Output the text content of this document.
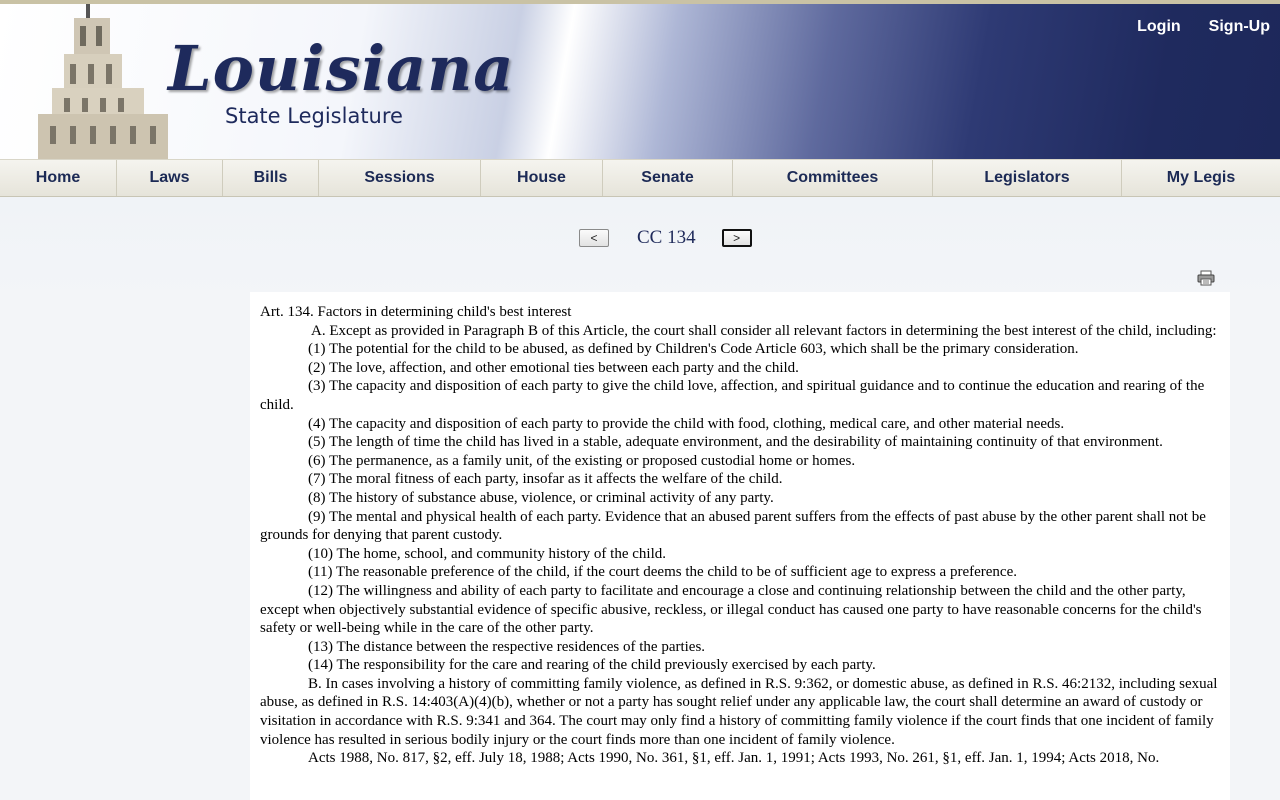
Louisiana
State Legislature
Login Sign-Up
Home	Laws	Bills	Sessions	House	Senate	Committees	Legislators	My Legis
<	CC 134	>

Art. 134. Factors in determining child's best interest

A. Except as provided in Paragraph B of this Article, the court shall consider all relevant factors in determining the best interest of the child, including:

(1) The potential for the child to be abused, as defined by Children's Code Article 603, which shall be the primary consideration.

(2) The love, affection, and other emotional ties between each party and the child.

(3) The capacity and disposition of each party to give the child love, affection, and spiritual guidance and to continue the education and rearing of the child.

(4) The capacity and disposition of each party to provide the child with food, clothing, medical care, and other material needs.

(5) The length of time the child has lived in a stable, adequate environment, and the desirability of maintaining continuity of that environment.

(6) The permanence, as a family unit, of the existing or proposed custodial home or homes.

(7) The moral fitness of each party, insofar as it affects the welfare of the child.

(8) The history of substance abuse, violence, or criminal activity of any party.

(9) The mental and physical health of each party. Evidence that an abused parent suffers from the effects of past abuse by the other parent shall not be grounds for denying that parent custody.

(10) The home, school, and community history of the child.

(11) The reasonable preference of the child, if the court deems the child to be of sufficient age to express a preference.

(12) The willingness and ability of each party to facilitate and encourage a close and continuing relationship between the child and the other party, except when objectively substantial evidence of specific abusive, reckless, or illegal conduct has caused one party to have reasonable concerns for the child's safety or well-being while in the care of the other party.

(13) The distance between the respective residences of the parties.

(14) The responsibility for the care and rearing of the child previously exercised by each party.

B. In cases involving a history of committing family violence, as defined in R.S. 9:362, or domestic abuse, as defined in R.S. 46:2132, including sexual abuse, as defined in R.S. 14:403(A)(4)(b), whether or not a party has sought relief under any applicable law, the court shall determine an award of custody or visitation in accordance with R.S. 9:341 and 364. The court may only find a history of committing family violence if the court finds that one incident of family violence has resulted in serious bodily injury or the court finds more than one incident of family violence.

Acts 1988, No. 817, §2, eff. July 18, 1988; Acts 1990, No. 361, §1, eff. Jan. 1, 1991; Acts 1993, No. 261, §1, eff. Jan. 1, 1994; Acts 2018, No.
